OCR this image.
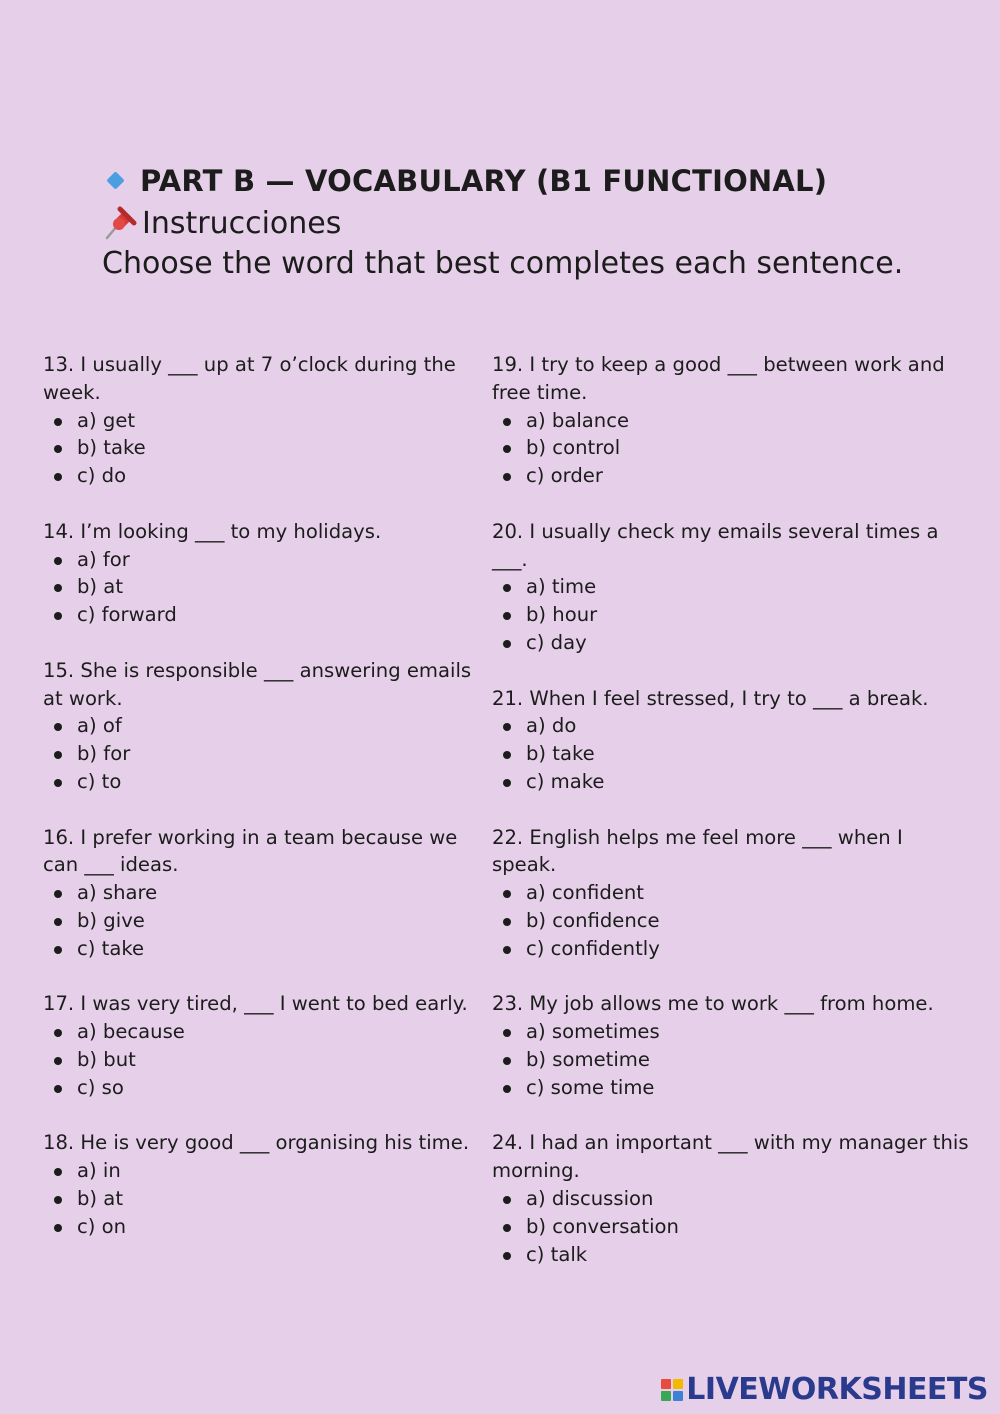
PART B — VOCABULARY (B1 FUNCTIONAL)
Instrucciones
Choose the word that best completes each sentence.
13. I usually ___ up at 7 o’clock during the week.
a) get
b) take
c) do
14. I’m looking ___ to my holidays.
a) for
b) at
c) forward
15. She is responsible ___ answering emails at work.
a) of
b) for
c) to
16. I prefer working in a team because we can ___ ideas.
a) share
b) give
c) take
17. I was very tired, ___ I went to bed early.
a) because
b) but
c) so
18. He is very good ___ organising his time.
a) in
b) at
c) on
19. I try to keep a good ___ between work and free time.
a) balance
b) control
c) order
20. I usually check my emails several times a ___.
a) time
b) hour
c) day
21. When I feel stressed, I try to ___ a break.
a) do
b) take
c) make
22. English helps me feel more ___ when I speak.
a) confident
b) confidence
c) confidently
23. My job allows me to work ___ from home.
a) sometimes
b) sometime
c) some time
24. I had an important ___ with my manager this morning.
a) discussion
b) conversation
c) talk
LIVEWORKSHEETS
